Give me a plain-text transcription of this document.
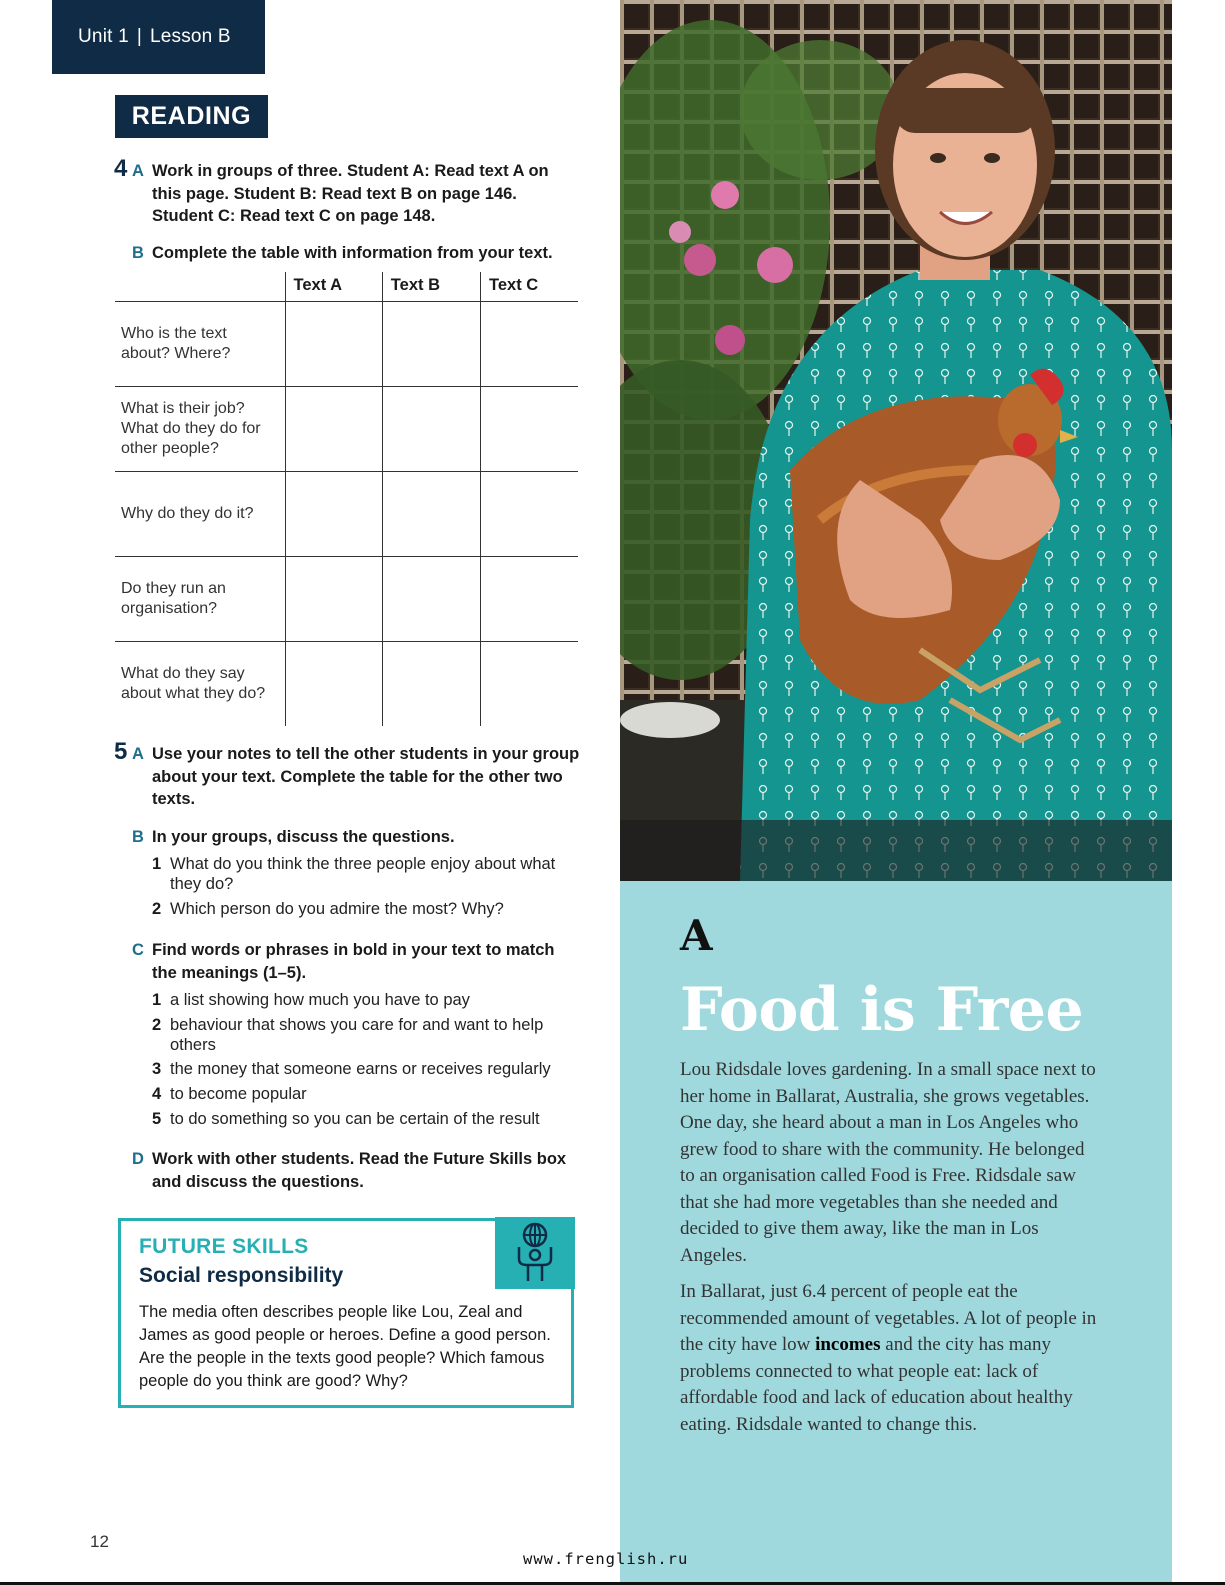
Unit 1 | Lesson B
READING
4 A Work in groups of three. Student A: Read text A on this page. Student B: Read text B on page 146. Student C: Read text C on page 148.
B Complete the table with information from your text.
	Text A	Text B	Text C
Who is the text about? Where?			
What is their job? What do they do for other people?			
Why do they do it?			
Do they run an organisation?			
What do they say about what they do?			
5 A Use your notes to tell the other students in your group about your text. Complete the table for the other two texts.
B In your groups, discuss the questions.
1 What do you think the three people enjoy about what they do?
2 Which person do you admire the most? Why?
C Find words or phrases in bold in your text to match the meanings (1–5).
1 a list showing how much you have to pay
2 behaviour that shows you care for and want to help others
3 the money that someone earns or receives regularly
4 to become popular
5 to do something so you can be certain of the result
D Work with other students. Read the Future Skills box and discuss the questions.
FUTURE SKILLS
Social responsibility
The media often describes people like Lou, Zeal and James as good people or heroes. Define a good person. Are the people in the texts good people? Which famous people do you think are good? Why?
A
Food is Free

Lou Ridsdale loves gardening. In a small space next to her home in Ballarat, Australia, she grows vegetables. One day, she heard about a man in Los Angeles who grew food to share with the community. He belonged to an organisation called Food is Free. Ridsdale saw that she had more vegetables than she needed and decided to give them away, like the man in Los Angeles.

In Ballarat, just 6.4 percent of people eat the recommended amount of vegetables. A lot of people in the city have low incomes and the city has many problems connected to what people eat: lack of affordable food and lack of education about healthy eating. Ridsdale wanted to change this.

12
www.frenglish.ru
